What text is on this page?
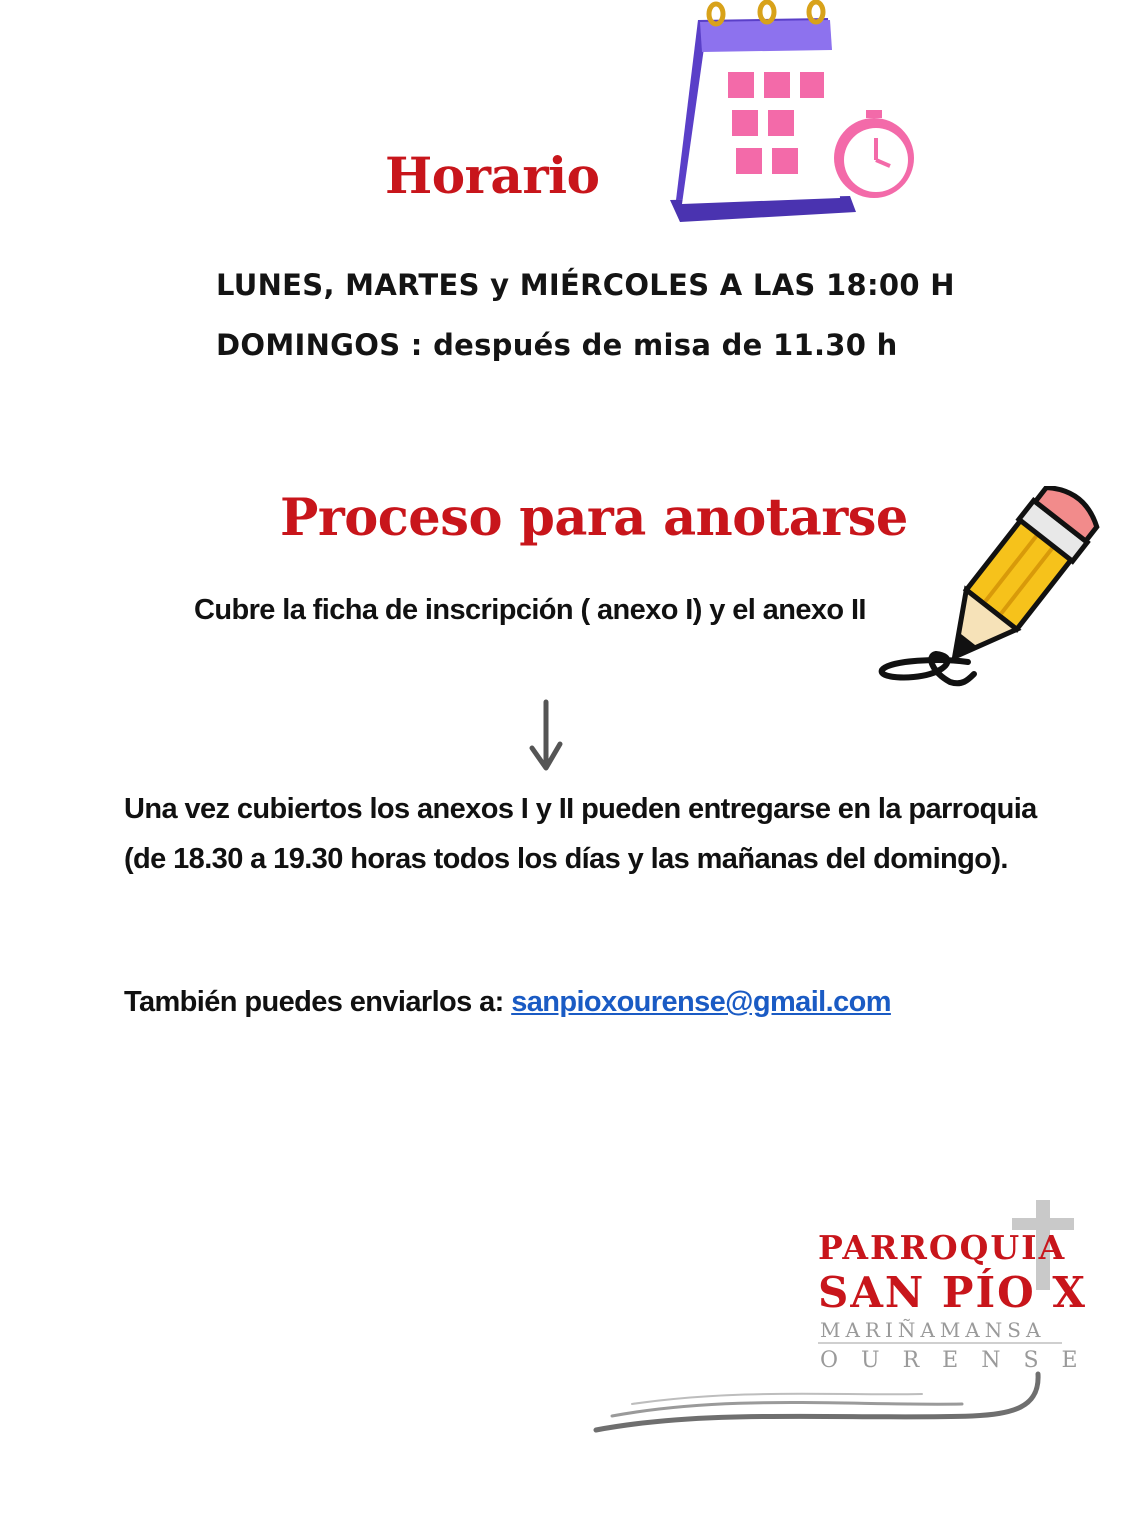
Horario
LUNES, MARTES y MIÉRCOLES A LAS 18:00 H
DOMINGOS : después de misa de 11.30 h
Proceso para anotarse
Cubre la ficha de inscripción ( anexo I) y el anexo II
Una vez cubiertos los anexos I y II pueden entregarse en la parroquia (de 18.30 a 19.30 horas todos los días y las mañanas del domingo).
También puedes enviarlos a: sanpioxourense@gmail.com
PARROQUIA
SAN PÍO X
MARIÑAMANSA
OURENSE
